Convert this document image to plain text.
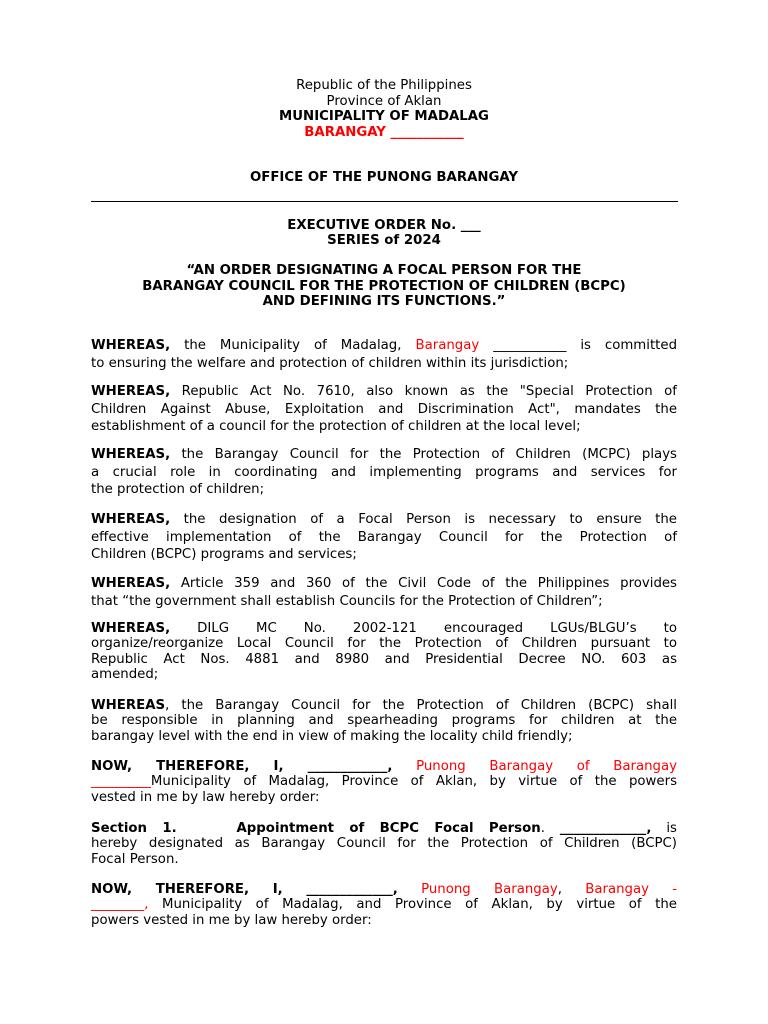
Republic of the Philippines
Province of Aklan
MUNICIPALITY OF MADALAG
BARANGAY ___________
OFFICE OF THE PUNONG BARANGAY
EXECUTIVE ORDER No. ___
SERIES of 2024
“AN ORDER DESIGNATING A FOCAL PERSON FOR THE
BARANGAY COUNCIL FOR THE PROTECTION OF CHILDREN (BCPC)
AND DEFINING ITS FUNCTIONS.”
WHEREAS, the Municipality of Madalag, Barangay ___________ is committed
to ensuring the welfare and protection of children within its jurisdiction;
WHEREAS, Republic Act No. 7610, also known as the "Special Protection of
Children Against Abuse, Exploitation and Discrimination Act", mandates the
establishment of a council for the protection of children at the local level;
WHEREAS, the Barangay Council for the Protection of Children (MCPC) plays
a crucial role in coordinating and implementing programs and services for
the protection of children;
WHEREAS, the designation of a Focal Person is necessary to ensure the
effective implementation of the Barangay Council for the Protection of
Children (BCPC) programs and services;
WHEREAS, Article 359 and 360 of the Civil Code of the Philippines provides
that “the government shall establish Councils for the Protection of Children”;
WHEREAS, DILG MC No. 2002-121 encouraged LGUs/BLGU’s to
organize/reorganize Local Council for the Protection of Children pursuant to
Republic Act Nos. 4881 and 8980 and Presidential Decree NO. 603 as
amended;
WHEREAS, the Barangay Council for the Protection of Children (BCPC) shall
be responsible in planning and spearheading programs for children at the
barangay level with the end in view of making the locality child friendly;
NOW, THEREFORE, I, ____________, Punong Barangay of Barangay
_________Municipality of Madalag, Province of Aklan, by virtue of the powers
vested in me by law hereby order:
Section 1.	Appointment of BCPC Focal Person. _____________, is
hereby designated as Barangay Council for the Protection of Children (BCPC)
Focal Person.
NOW, THEREFORE, I, _____________, Punong Barangay, Barangay -
________, Municipality of Madalag, and Province of Aklan, by virtue of the
powers vested in me by law hereby order:
